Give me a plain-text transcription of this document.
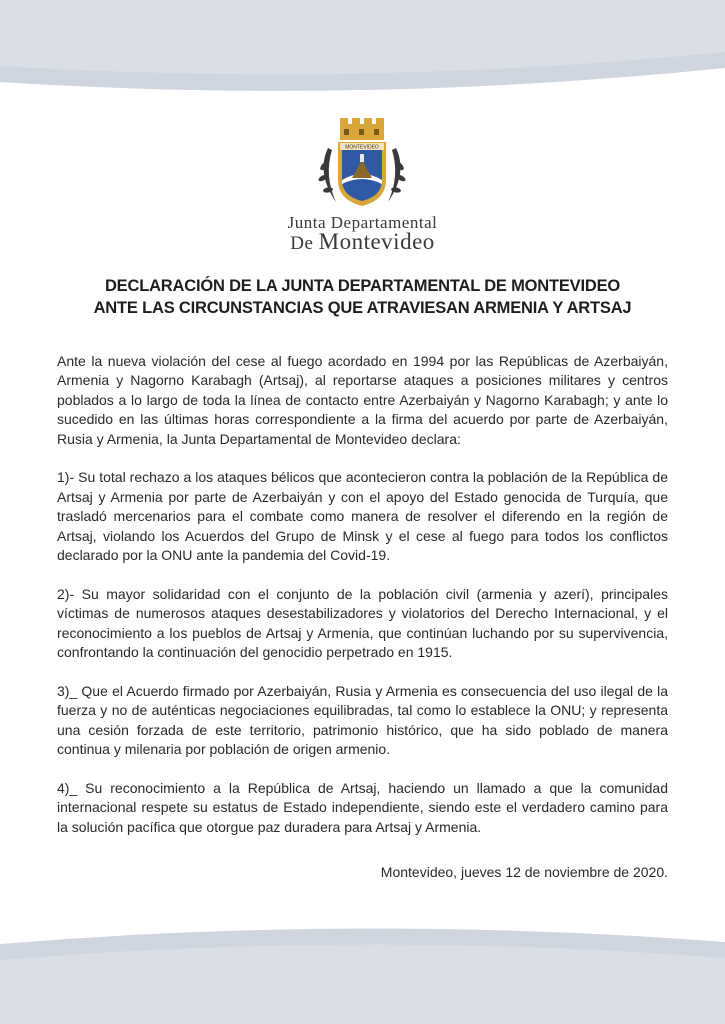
MONTEVIDEO
Junta Departamental
De Montevideo
DECLARACIÓN DE LA JUNTA DEPARTAMENTAL DE MONTEVIDEO
ANTE LAS CIRCUNSTANCIAS QUE ATRAVIESAN ARMENIA Y ARTSAJ

Ante la nueva violación del cese al fuego acordado en 1994 por las Repúblicas de Azerbaiyán, Armenia y Nagorno Karabagh (Artsaj), al reportarse ataques a posiciones militares y centros poblados a lo largo de toda la línea de contacto entre Azerbaiyán y Nagorno Karabagh; y ante lo sucedido en las últimas horas correspondiente a la firma del acuerdo por parte de Azerbaiyán, Rusia y Armenia, la Junta Departamental de Montevideo declara:

1)- Su total rechazo a los ataques bélicos que acontecieron contra la población de la República de Artsaj y Armenia por parte de Azerbaiyán y con el apoyo del Estado genocida de Turquía, que trasladó mercenarios para el combate como manera de resolver el diferendo en la región de Artsaj, violando los Acuerdos del Grupo de Minsk y el cese al fuego para todos los conflictos declarado por la ONU ante la pandemia del Covid-19.

2)- Su mayor solidaridad con el conjunto de la población civil (armenia y azerí), principales víctimas de numerosos ataques desestabilizadores y violatorios del Derecho Internacional, y el reconocimiento a los pueblos de Artsaj y Armenia, que continúan luchando por su supervivencia, confrontando la continuación del genocidio perpetrado en 1915.

3)_ Que el Acuerdo firmado por Azerbaiyán, Rusia y Armenia es consecuencia del uso ilegal de la fuerza y no de auténticas negociaciones equilibradas, tal como lo establece la ONU; y representa una cesión forzada de este territorio, patrimonio histórico, que ha sido poblado de manera continua y milenaria por población de origen armenio.

4)_ Su reconocimiento a la República de Artsaj, haciendo un llamado a que la comunidad internacional respete su estatus de Estado independiente, siendo este el verdadero camino para la solución pacífica que otorgue paz duradera para Artsaj y Armenia.

Montevideo, jueves 12 de noviembre de 2020.
